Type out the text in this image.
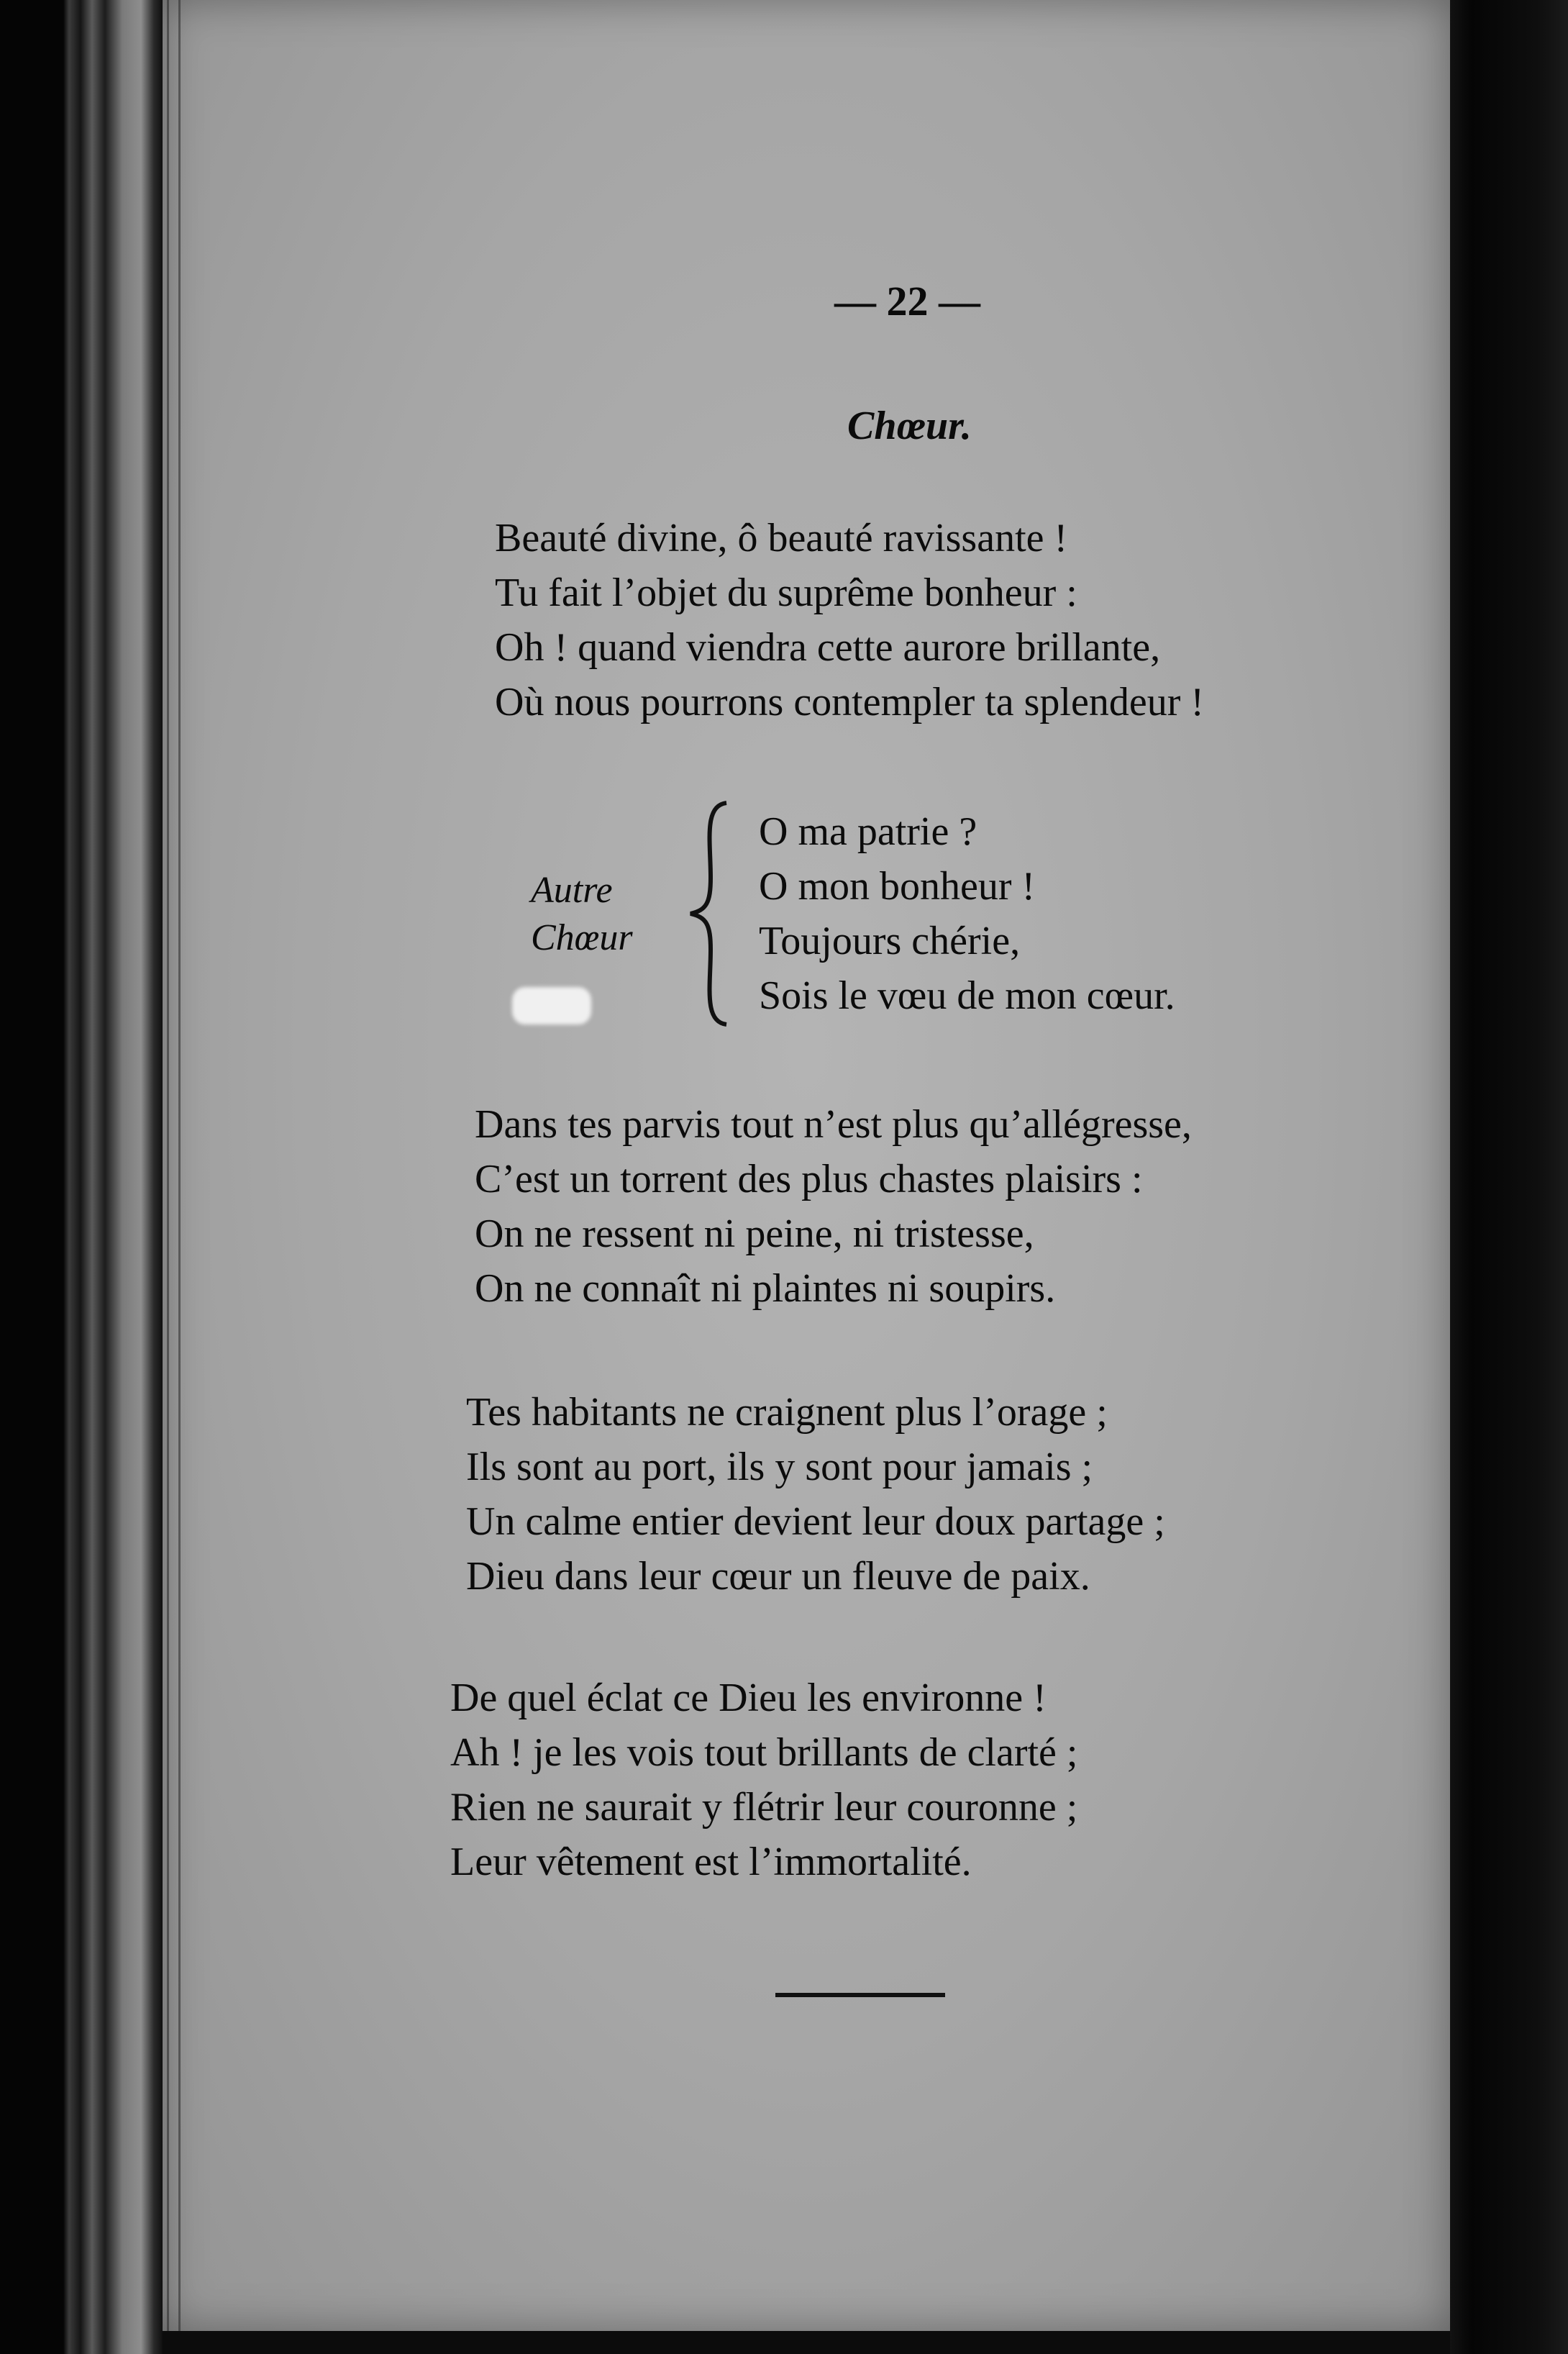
— 22 —
Chœur.
Beauté divine, ô beauté ravissante !
Tu fait l’objet du suprême bonheur :
Oh ! quand viendra cette aurore brillante,
Où nous pourrons contempler ta splendeur !
Autre
Chœur
O ma patrie ?
O mon bonheur !
Toujours chérie,
Sois le vœu de mon cœur.
Dans tes parvis tout n’est plus qu’allégresse,
C’est un torrent des plus chastes plaisirs :
On ne ressent ni peine, ni tristesse,
On ne connaît ni plaintes ni soupirs.
Tes habitants ne craignent plus l’orage ;
Ils sont au port, ils y sont pour jamais ;
Un calme entier devient leur doux partage ;
Dieu dans leur cœur un fleuve de paix.
De quel éclat ce Dieu les environne !
Ah ! je les vois tout brillants de clarté ;
Rien ne saurait y flétrir leur couronne ;
Leur vêtement est l’immortalité.
